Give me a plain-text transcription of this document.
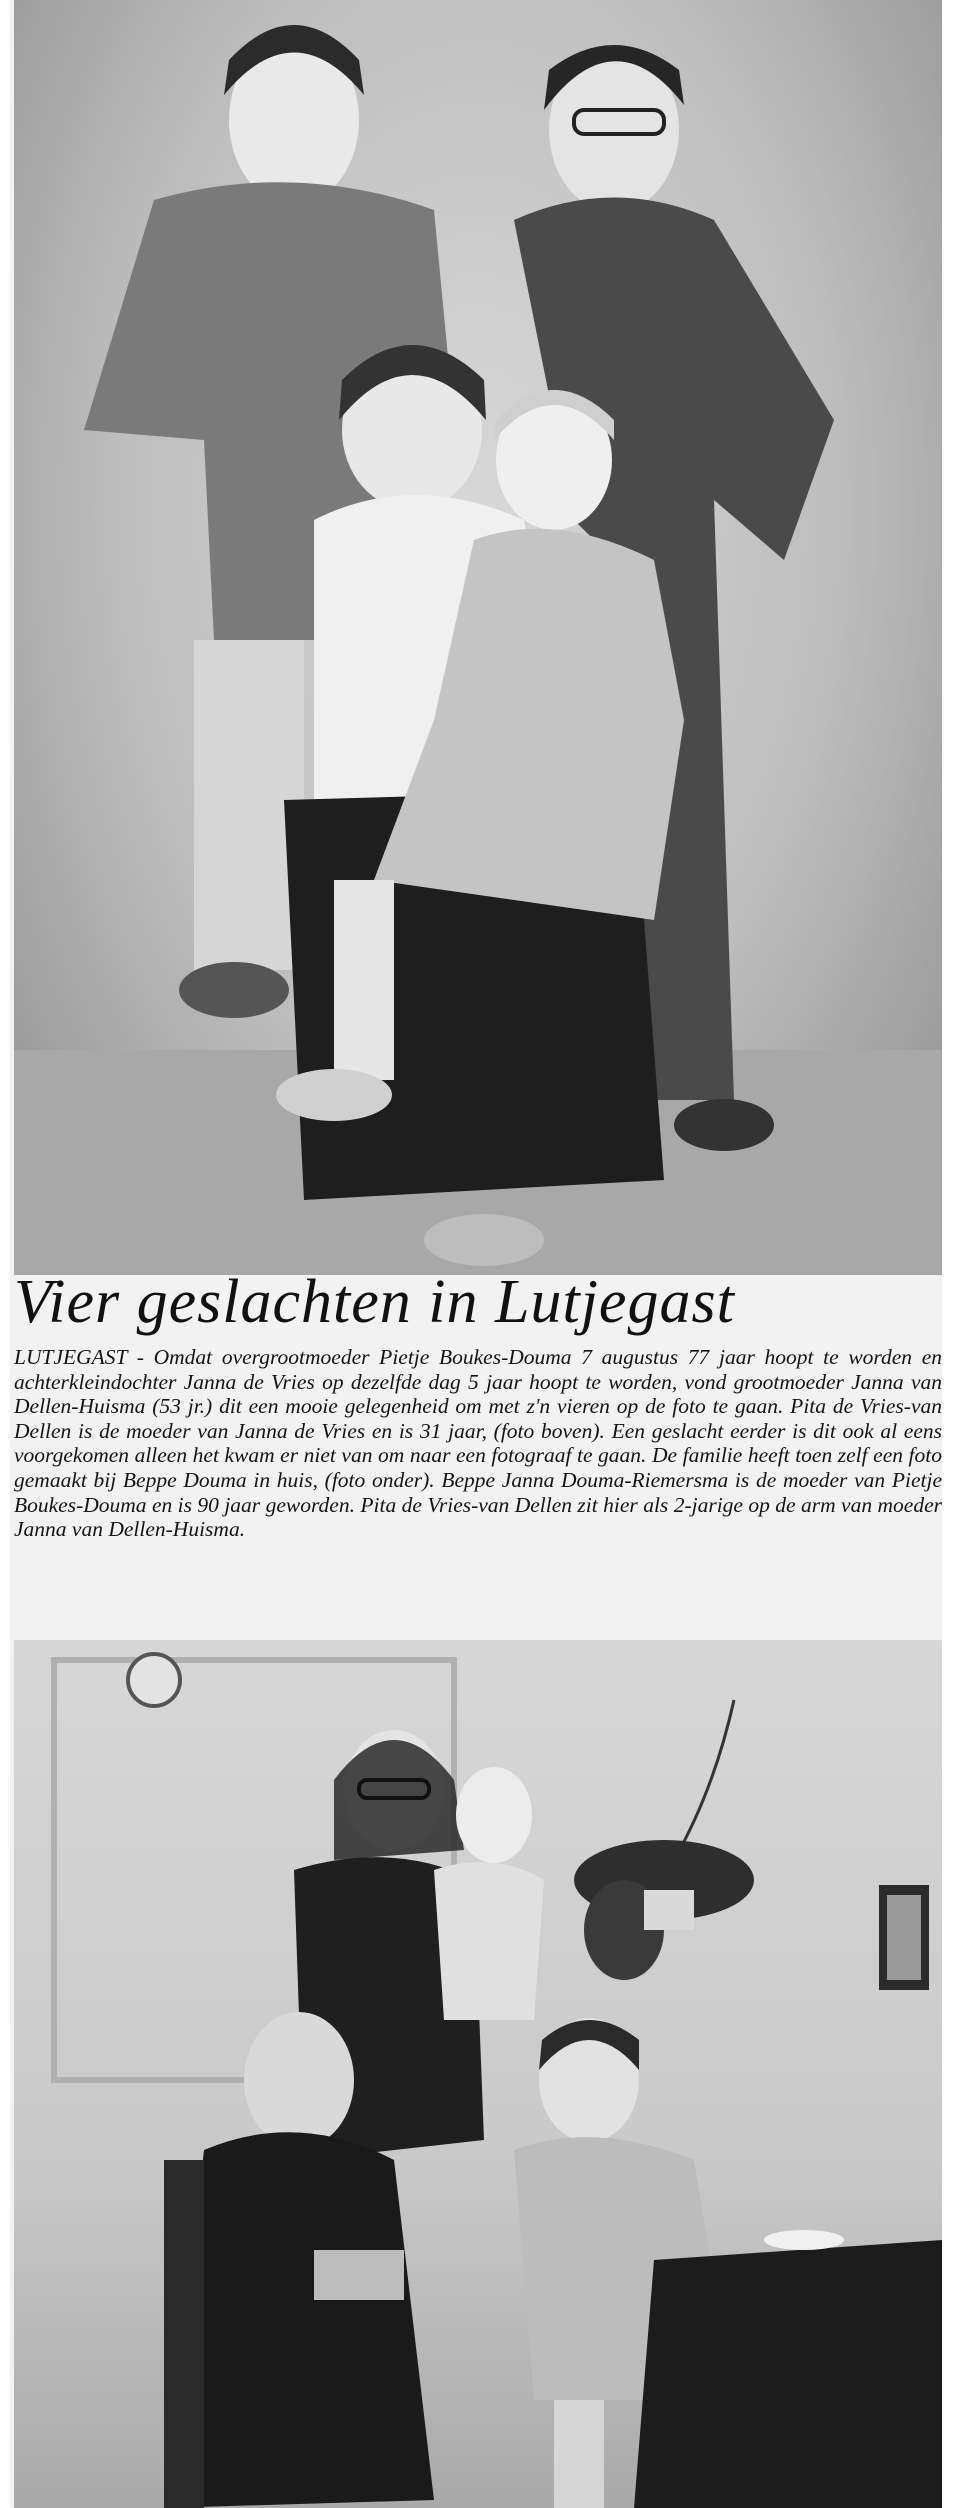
Vier geslachten in Lutjegast

LUTJEGAST - Omdat overgrootmoeder Pietje Boukes-Douma 7 augustus 77 jaar hoopt te worden en achterkleindochter Janna de Vries op dezelfde dag 5 jaar hoopt te worden, vond grootmoeder Janna van Dellen-Huisma (53 jr.) dit een mooie gelegenheid om met z'n vieren op de foto te gaan. Pita de Vries-van Dellen is de moeder van Janna de Vries en is 31 jaar, (foto boven). Een geslacht eerder is dit ook al eens voorgekomen alleen het kwam er niet van om naar een fotograaf te gaan. De familie heeft toen zelf een foto gemaakt bij Beppe Douma in huis, (foto onder). Beppe Janna Douma-Riemersma is de moeder van Pietje Boukes-Douma en is 90 jaar geworden. Pita de Vries-van Dellen zit hier als 2-jarige op de arm van moeder Janna van Dellen-Huisma.
